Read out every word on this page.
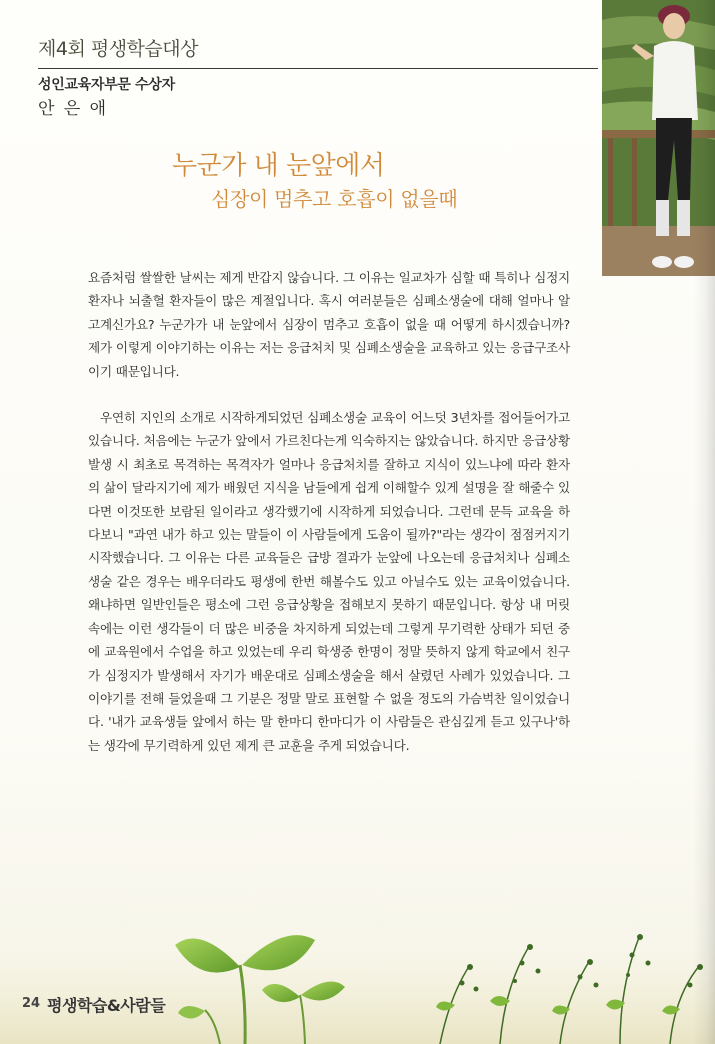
제4회 평생학습대상
성인교육자부문 수상자
안 은 애
누군가 내 눈앞에서
심장이 멈추고 호흡이 없을때

요즘처럼 쌀쌀한 날씨는 제게 반갑지 않습니다. 그 이유는 일교차가 심할 때 특히나 심정지 환자나 뇌출혈 환자들이 많은 계절입니다. 혹시 여러분들은 심폐소생술에 대해 얼마나 알고계신가요? 누군가가 내 눈앞에서 심장이 멈추고 호흡이 없을 때 어떻게 하시겠습니까? 제가 이렇게 이야기하는 이유는 저는 응급처치 및 심폐소생술을 교육하고 있는 응급구조사이기 때문입니다.

우연히 지인의 소개로 시작하게되었던 심폐소생술 교육이 어느덧 3년차를 접어들어가고 있습니다. 처음에는 누군가 앞에서 가르친다는게 익숙하지는 않았습니다. 하지만 응급상황발생 시 최초로 목격하는 목격자가 얼마나 응급처치를 잘하고 지식이 있느냐에 따라 환자의 삶이 달라지기에 제가 배웠던 지식을 남들에게 쉽게 이해할수 있게 설명을 잘 해줄수 있다면 이것또한 보람된 일이라고 생각했기에 시작하게 되었습니다. 그런데 문득 교육을 하다보니 "과연 내가 하고 있는 말들이 이 사람들에게 도움이 될까?"라는 생각이 점점커지기 시작했습니다. 그 이유는 다른 교육들은 급방 결과가 눈앞에 나오는데 응급처치나 심폐소생술 같은 경우는 배우더라도 평생에 한번 해볼수도 있고 아닐수도 있는 교육이었습니다. 왜냐하면 일반인들은 평소에 그런 응급상황을 접해보지 못하기 때문입니다. 항상 내 머릿속에는 이런 생각들이 더 많은 비중을 차지하게 되었는데 그렇게 무기력한 상태가 되던 중에 교육원에서 수업을 하고 있었는데 우리 학생중 한명이 정말 뜻하지 않게 학교에서 친구가 심정지가 발생해서 자기가 배운대로 심폐소생술을 해서 살렸던 사례가 있었습니다. 그 이야기를 전해 들었을때 그 기분은 정말 말로 표현할 수 없을 정도의 가슴벅찬 일이었습니다. '내가 교육생들 앞에서 하는 말 한마디 한마디가 이 사람들은 관심깊게 듣고 있구나'하는 생각에 무기력하게 있던 제게 큰 교훈을 주게 되었습니다.

24 평생학습&사람들
